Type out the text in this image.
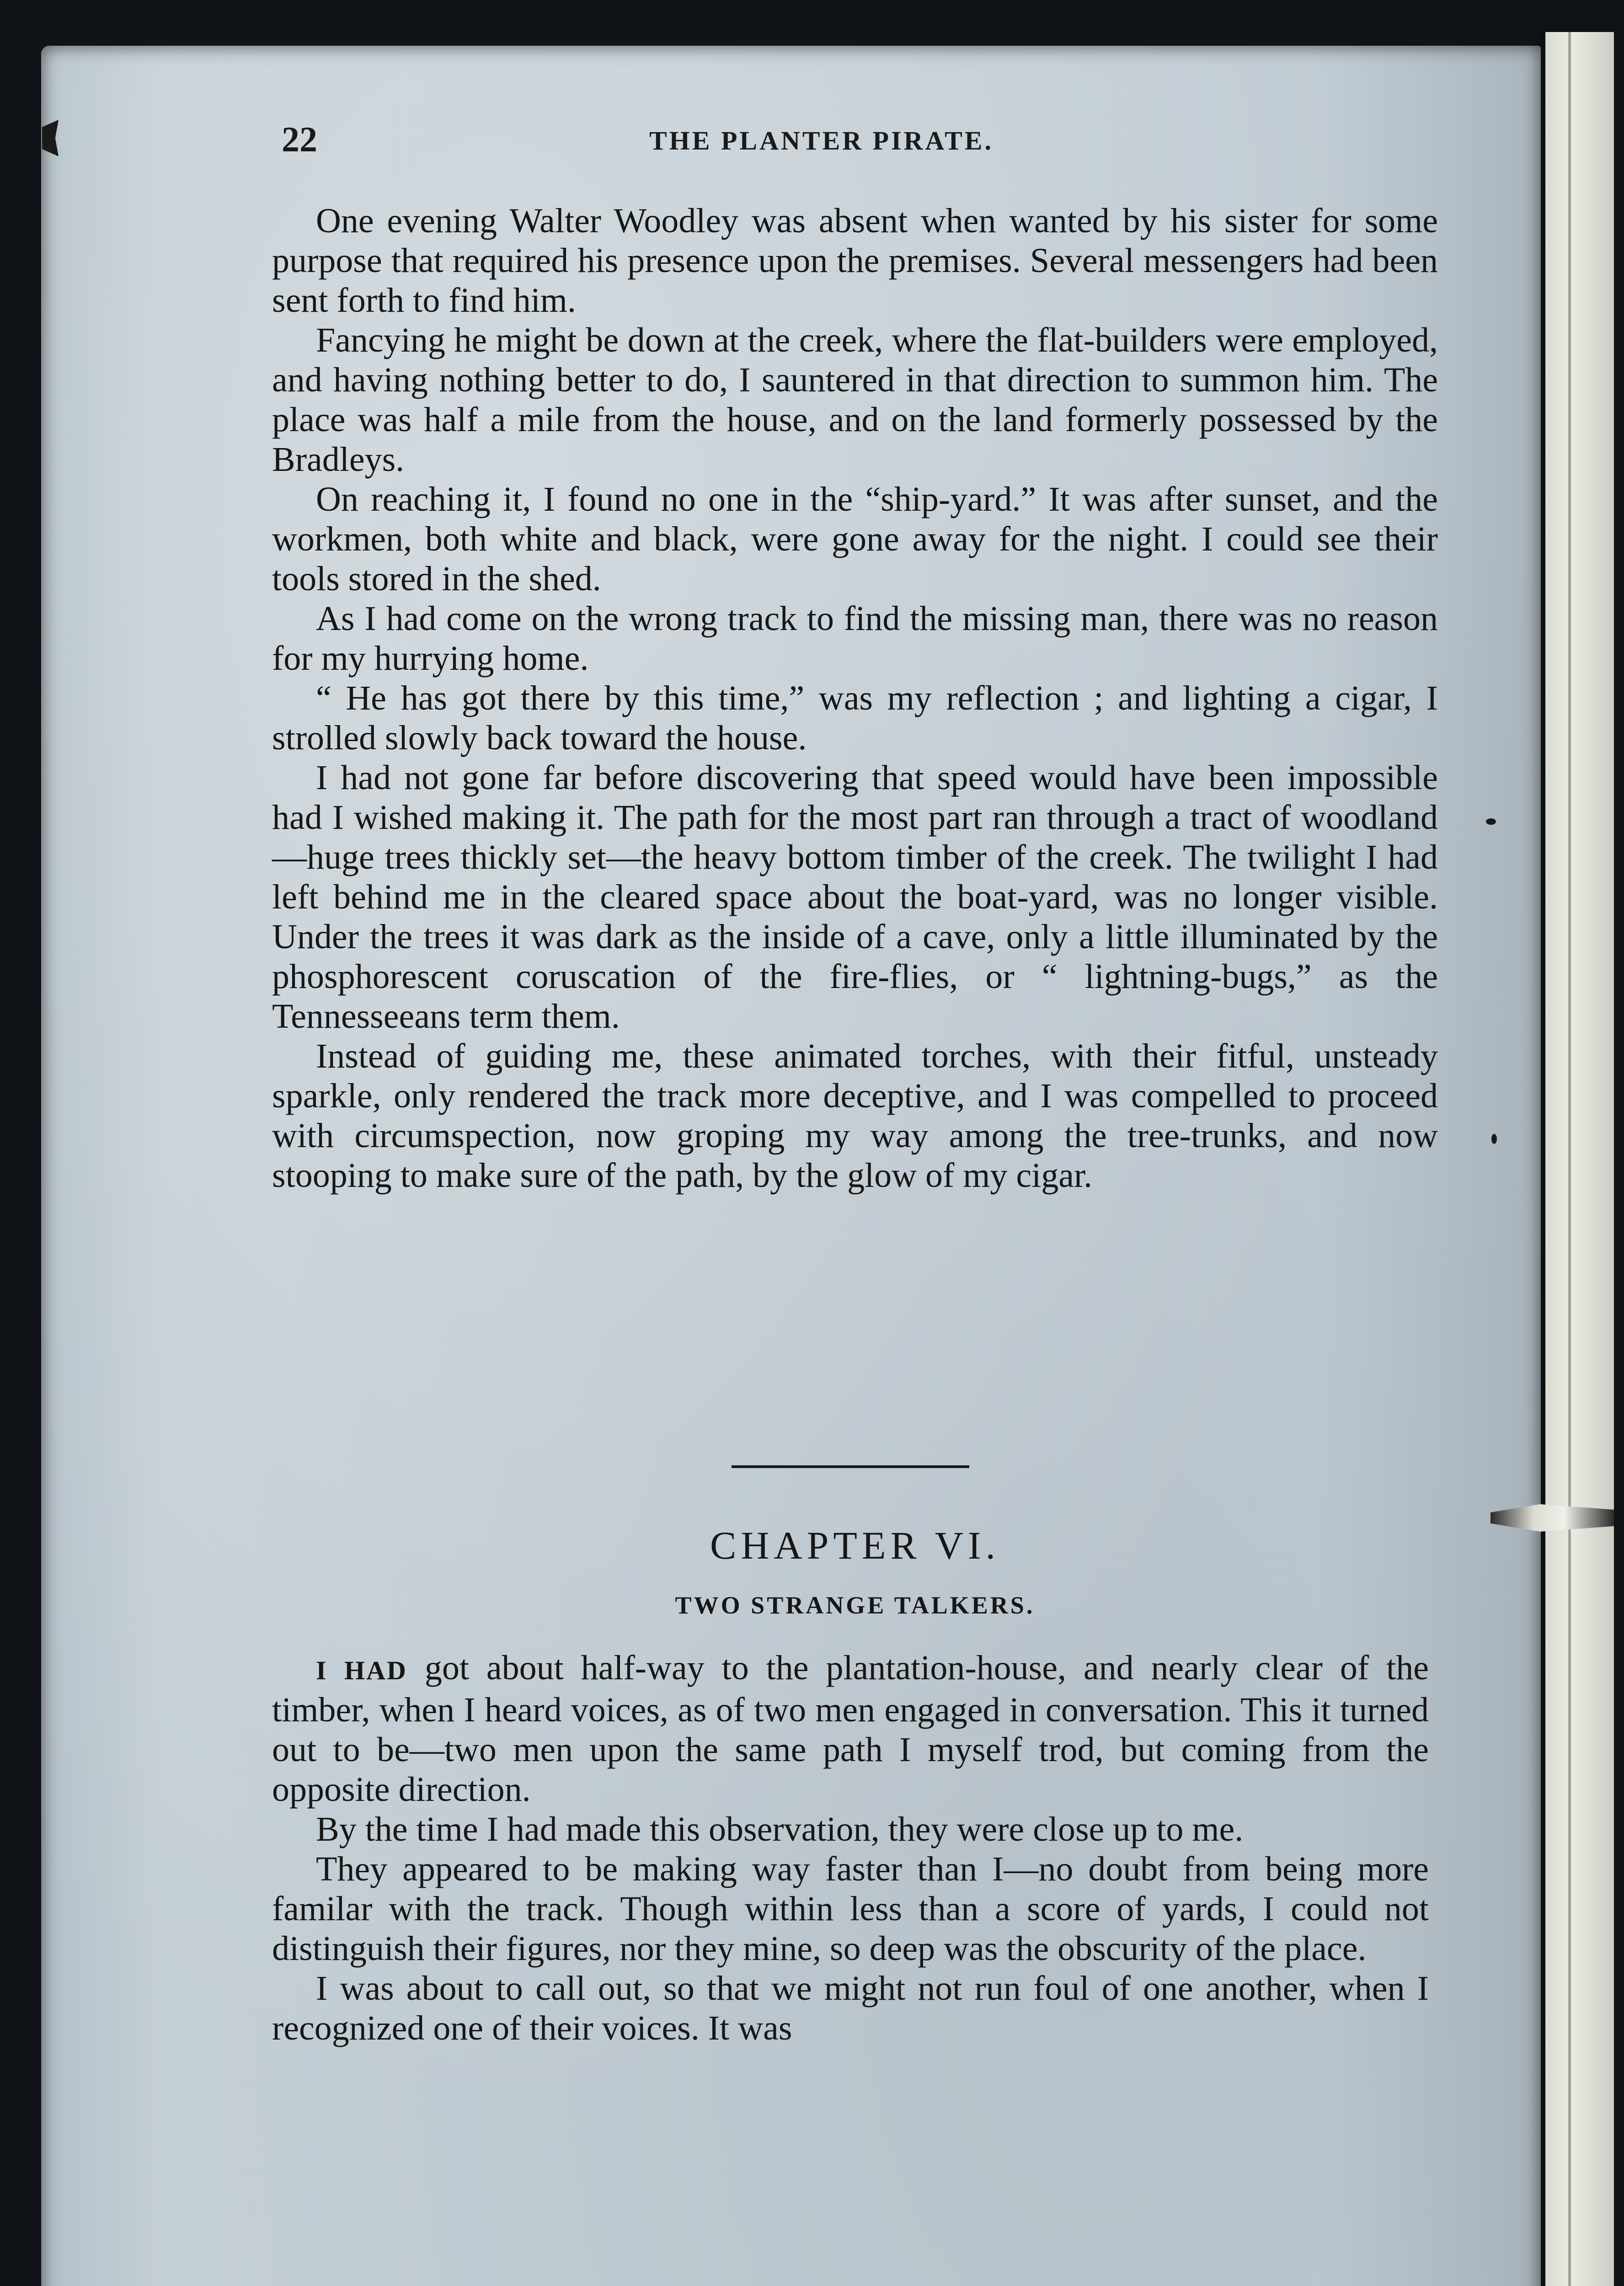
22	THE PLANTER PIRATE.

One evening Walter Woodley was absent when wanted by his sister for some purpose that required his presence upon the premises. Several messengers had been sent forth to find him.

Fancying he might be down at the creek, where the flat-builders were employed, and having nothing better to do, I sauntered in that direction to summon him. The place was half a mile from the house, and on the land formerly possessed by the Bradleys.

On reaching it, I found no one in the “ship-yard.” It was after sunset, and the workmen, both white and black, were gone away for the night. I could see their tools stored in the shed.

As I had come on the wrong track to find the missing man, there was no reason for my hurrying home.

“ He has got there by this time,” was my reflection ; and lighting a cigar, I strolled slowly back toward the house.

I had not gone far before discovering that speed would have been impossible had I wished making it. The path for the most part ran through a tract of woodland—huge trees thickly set—the heavy bottom timber of the creek. The twilight I had left behind me in the cleared space about the boat-yard, was no longer visible. Under the trees it was dark as the inside of a cave, only a little illuminated by the phosphorescent coruscation of the fire-flies, or “ lightning-bugs,” as the Tennesseeans term them.

Instead of guiding me, these animated torches, with their fitful, unsteady sparkle, only rendered the track more deceptive, and I was compelled to proceed with circumspection, now groping my way among the tree-trunks, and now stooping to make sure of the path, by the glow of my cigar.

CHAPTER VI.
TWO STRANGE TALKERS.

I HAD got about half-way to the plantation-house, and nearly clear of the timber, when I heard voices, as of two men engaged in conversation. This it turned out to be—two men upon the same path I myself trod, but coming from the opposite direction.

By the time I had made this observation, they were close up to me.

They appeared to be making way faster than I—no doubt from being more familar with the track. Though within less than a score of yards, I could not distinguish their figures, nor they mine, so deep was the obscurity of the place.

I was about to call out, so that we might not run foul of one another, when I recognized one of their voices. It was
